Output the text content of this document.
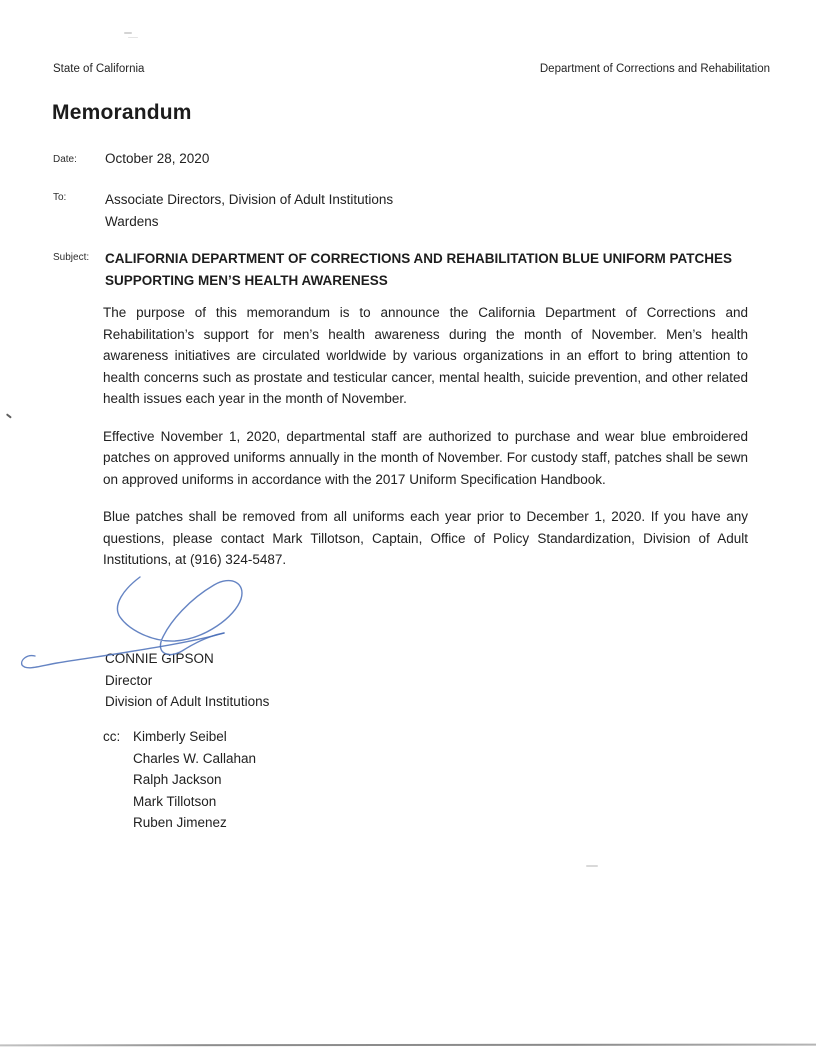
State of California	Department of Corrections and Rehabilitation
Memorandum
Date: October 28, 2020
To:	Associate Directors, Division of Adult Institutions
Wardens
Subject: CALIFORNIA DEPARTMENT OF CORRECTIONS AND REHABILITATION BLUE UNIFORM PATCHES SUPPORTING MEN’S HEALTH AWARENESS

The purpose of this memorandum is to announce the California Department of Corrections and Rehabilitation’s support for men’s health awareness during the month of November. Men’s health awareness initiatives are circulated worldwide by various organizations in an effort to bring attention to health concerns such as prostate and testicular cancer, mental health, suicide prevention, and other related health issues each year in the month of November.

Effective November 1, 2020, departmental staff are authorized to purchase and wear blue embroidered patches on approved uniforms annually in the month of November. For custody staff, patches shall be sewn on approved uniforms in accordance with the 2017 Uniform Specification Handbook.

Blue patches shall be removed from all uniforms each year prior to December 1, 2020. If you have any questions, please contact Mark Tillotson, Captain, Office of Policy Standardization, Division of Adult Institutions, at (916) 324-5487.

CONNIE GIPSON
Director
Division of Adult Institutions
cc: Kimberly Seibel
Charles W. Callahan
Ralph Jackson
Mark Tillotson
Ruben Jimenez
